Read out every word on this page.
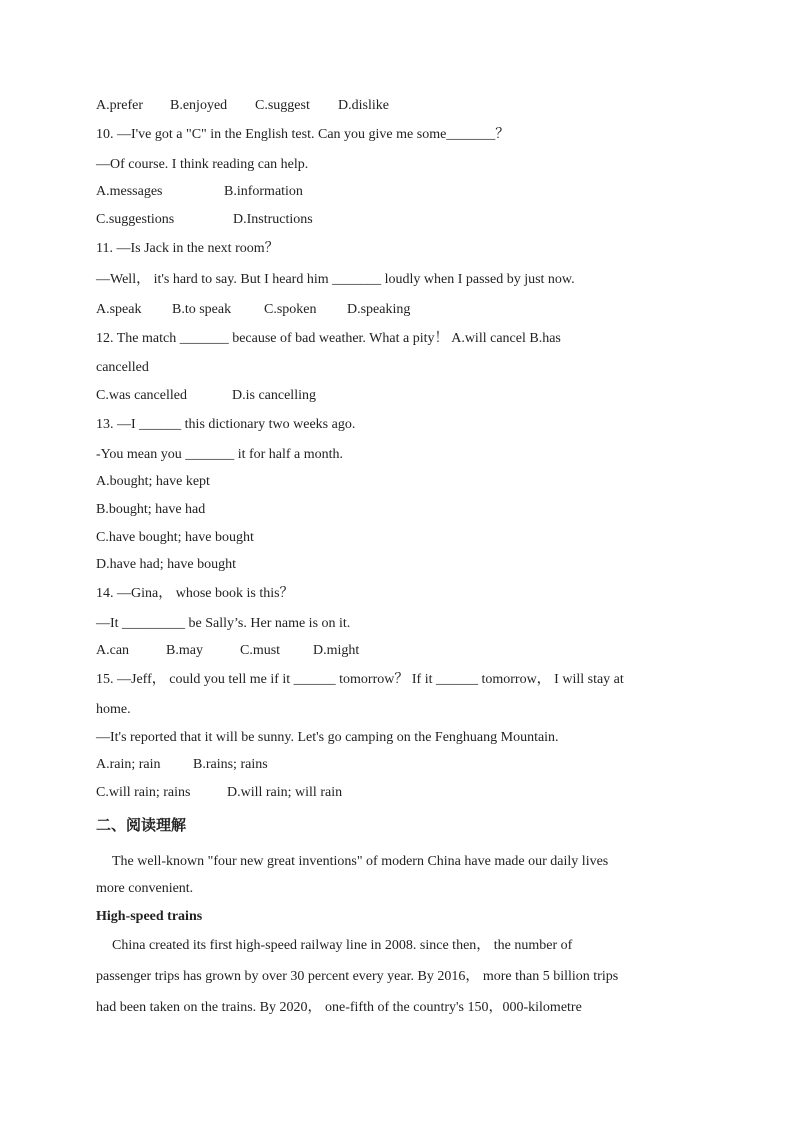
A.prefer B.enjoyed C.suggest D.dislike
10. —I've got a "C" in the English test. Can you give me some_______？
—Of course. I think reading can help.
A.messages	B.information
C.suggestions	D.Instructions
11. —Is Jack in the next room？
—Well， it's hard to say. But I heard him _______ loudly when I passed by just now.
A.speak B.to speak C.spoken D.speaking
12. The match _______ because of bad weather. What a pity！ A.will cancel B.has
cancelled
C.was cancelled	D.is cancelling
13. —I ______ this dictionary two weeks ago.
-You mean you _______ it for half a month.
A.bought; have kept
B.bought; have had
C.have bought; have bought
D.have had; have bought
14. —Gina， whose book is this？
—It _________ be Sally’s. Her name is on it.
A.can	B.may	C.must D.might
15. —Jeff， could you tell me if it ______ tomorrow？ If it ______ tomorrow， I will stay at
home.
—It's reported that it will be sunny. Let's go camping on the Fenghuang Mountain.
A.rain; rain B.rains; rains
C.will rain; rains	D.will rain; will rain
二、阅读理解
The well-known "four new great inventions" of modern China have made our daily lives
more convenient.
High-speed trains
China created its first high-speed railway line in 2008. since then， the number of
passenger trips has grown by over 30 percent every year. By 2016， more than 5 billion trips
had been taken on the trains. By 2020， one-fifth of the country's 150，000-kilometre
